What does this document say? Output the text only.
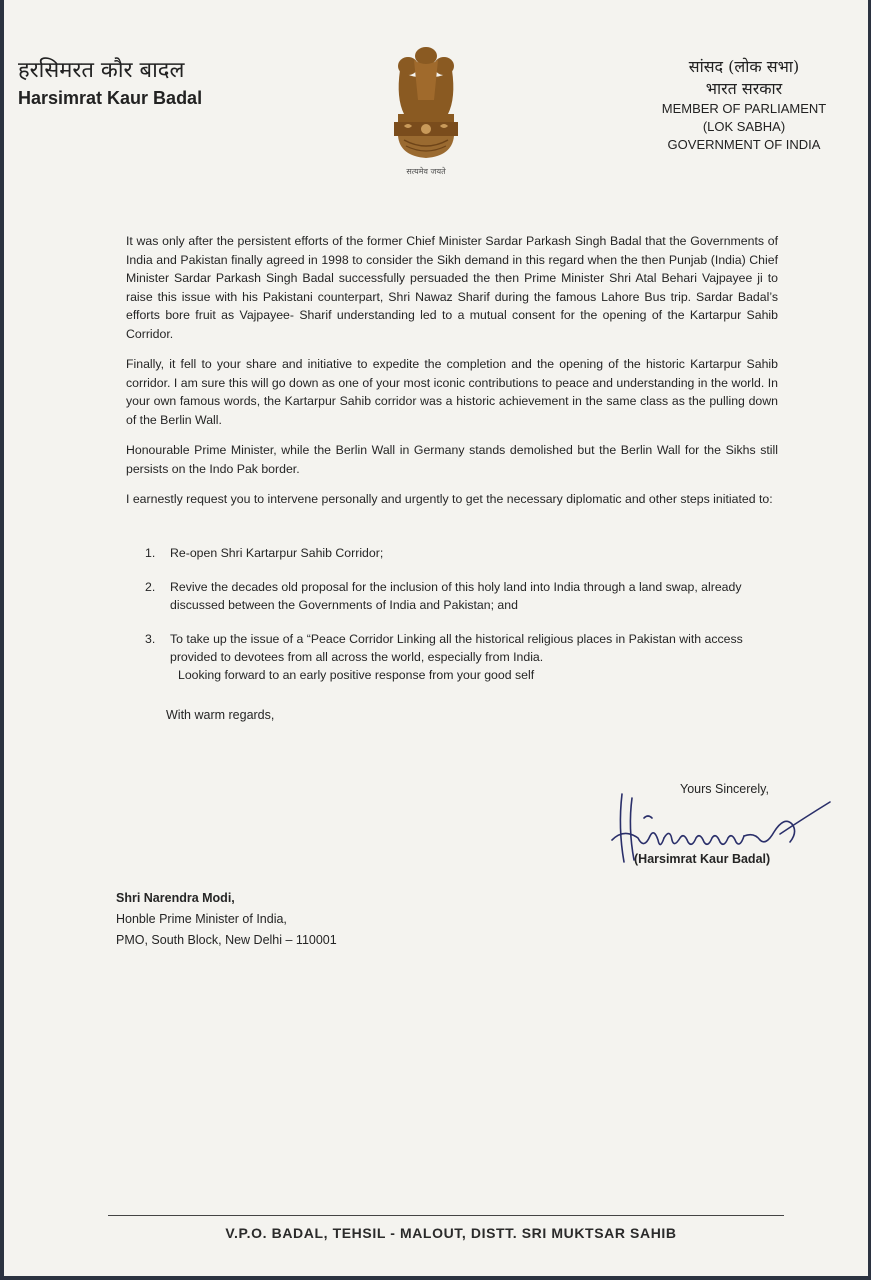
हरसिमरत कौर बादल
Harsimrat Kaur Badal
सत्यमेव जयते
सांसद (लोक सभा)
भारत सरकार
MEMBER OF PARLIAMENT
(LOK SABHA)
GOVERNMENT OF INDIA

It was only after the persistent efforts of the former Chief Minister Sardar Parkash Singh Badal that the Governments of India and Pakistan finally agreed in 1998 to consider the Sikh demand in this regard when the then Punjab (India) Chief Minister Sardar Parkash Singh Badal successfully persuaded the then Prime Minister Shri Atal Behari Vajpayee ji to raise this issue with his Pakistani counterpart, Shri Nawaz Sharif during the famous Lahore Bus trip. Sardar Badal’s efforts bore fruit as Vajpayee- Sharif understanding led to a mutual consent for the opening of the Kartarpur Sahib Corridor.

Finally, it fell to your share and initiative to expedite the completion and the opening of the historic Kartarpur Sahib corridor. I am sure this will go down as one of your most iconic contributions to peace and understanding in the world. In your own famous words, the Kartarpur Sahib corridor was a historic achievement in the same class as the pulling down of the Berlin Wall.

Honourable Prime Minister, while the Berlin Wall in Germany stands demolished but the Berlin Wall for the Sikhs still persists on the Indo Pak border.

I earnestly request you to intervene personally and urgently to get the necessary diplomatic and other steps initiated to:

1. Re-open Shri Kartarpur Sahib Corridor;
2. Revive the decades old proposal for the inclusion of this holy land into India through a land swap, already discussed between the Governments of India and Pakistan; and
3. To take up the issue of a “Peace Corridor Linking all the historical religious places in Pakistan with access provided to devotees from all across the world, especially from India.
Looking forward to an early positive response from your good self
With warm regards,
Yours Sincerely,
(Harsimrat Kaur Badal)
Shri Narendra Modi,
Honble Prime Minister of India,
PMO, South Block, New Delhi – 110001
V.P.O. BADAL, TEHSIL - MALOUT, DISTT. SRI MUKTSAR SAHIB
